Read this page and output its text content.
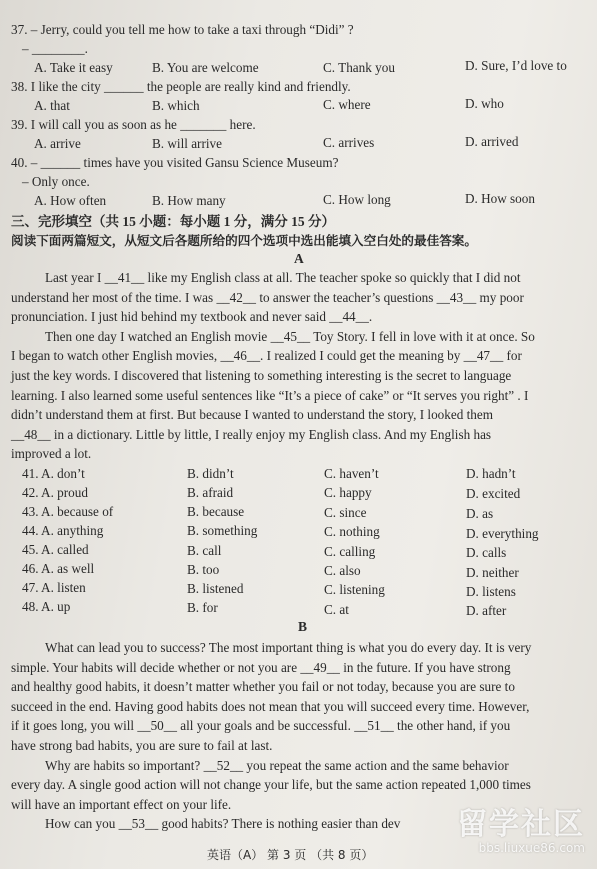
37. – Jerry, could you tell me how to take a taxi through “Didi” ?
– ________.
A. Take it easy	B. You are welcome	C. Thank you	D. Sure, I’d love to
38. I like the city ______ the people are really kind and friendly.
A. that	B. which	C. where	D. who
39. I will call you as soon as he _______ here.
A. arrive	B. will arrive	C. arrives	D. arrived
40. – ______ times have you visited Gansu Science Museum?
– Only once.
A. How often	B. How many	C. How long	D. How soon
三、完形填空（共 15 小题：每小题 1 分，满分 15 分）
阅读下面两篇短文，从短文后各题所给的四个选项中选出能填入空白处的最佳答案。
A
Last year I __41__ like my English class at all. The teacher spoke so quickly that I did not
understand her most of the time. I was __42__ to answer the teacher’s questions __43__ my poor
pronunciation. I just hid behind my textbook and never said __44__.
Then one day I watched an English movie __45__ Toy Story. I fell in love with it at once. So
I began to watch other English movies, __46__. I realized I could get the meaning by __47__ for
just the key words. I discovered that listening to something interesting is the secret to language
learning. I also learned some useful sentences like “It’s a piece of cake” or “It serves you right” . I
didn’t understand them at first. But because I wanted to understand the story, I looked them
__48__ in a dictionary. Little by little, I really enjoy my English class. And my English has
improved a lot.
41. A. don’t	B. didn’t	C. haven’t	D. hadn’t
42. A. proud	B. afraid	C. happy	D. excited
43. A. because of	B. because	C. since	D. as
44. A. anything	B. something	C. nothing	D. everything
45. A. called	B. call	C. calling	D. calls
46. A. as well	B. too	C. also	D. neither
47. A. listen	B. listened	C. listening	D. listens
48. A. up	B. for	C. at	D. after
B
What can lead you to success? The most important thing is what you do every day. It is very
simple. Your habits will decide whether or not you are __49__ in the future. If you have strong
and healthy good habits, it doesn’t matter whether you fail or not today, because you are sure to
succeed in the end. Having good habits does not mean that you will succeed every time. However,
if it goes long, you will __50__ all your goals and be successful. __51__ the other hand, if you
have strong bad habits, you are sure to fail at last.
Why are habits so important? __52__ you repeat the same action and the same behavior
every day. A single good action will not change your life, but the same action repeated 1,000 times
will have an important effect on your life.
How can you __53__ good habits? There is nothing easier than dev
英语（A） 第 3 页 （共 8 页）
留学社区
bbs.liuxue86.com
